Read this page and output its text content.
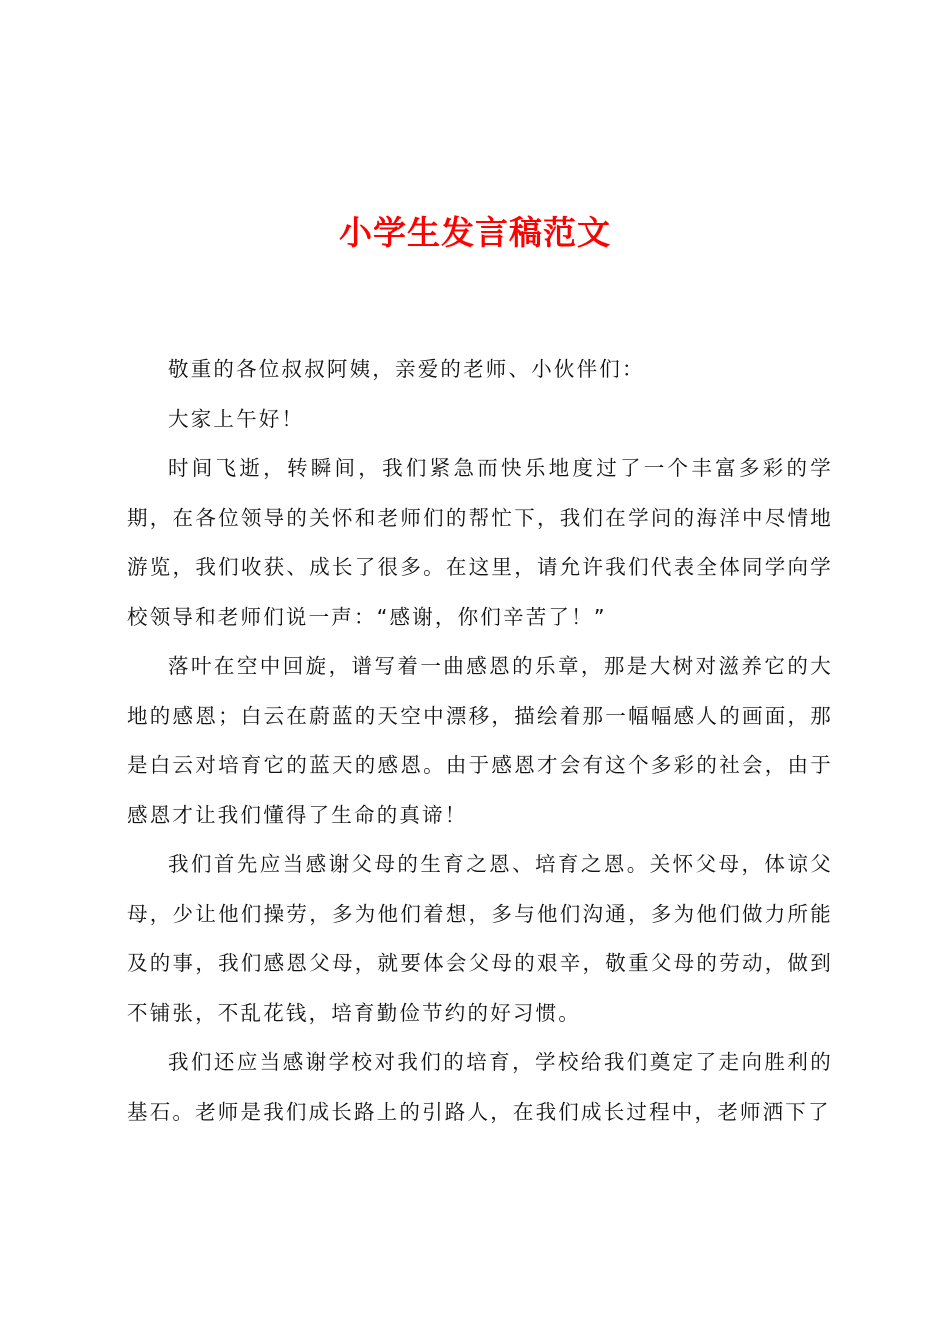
小学生发言稿范文

敬重的各位叔叔阿姨，亲爱的老师、小伙伴们：

大家上午好！

时间飞逝，转瞬间，我们紧急而快乐地度过了一个丰富多彩的学期，在各位领导的关怀和老师们的帮忙下，我们在学问的海洋中尽情地游览，我们收获、成长了很多。在这里，请允许我们代表全体同学向学校领导和老师们说一声：“感谢，你们辛苦了！”

落叶在空中回旋，谱写着一曲感恩的乐章，那是大树对滋养它的大地的感恩；白云在蔚蓝的天空中漂移，描绘着那一幅幅感人的画面，那是白云对培育它的蓝天的感恩。由于感恩才会有这个多彩的社会，由于感恩才让我们懂得了生命的真谛！

我们首先应当感谢父母的生育之恩、培育之恩。关怀父母，体谅父母，少让他们操劳，多为他们着想，多与他们沟通，多为他们做力所能及的事，我们感恩父母，就要体会父母的艰辛，敬重父母的劳动，做到不铺张，不乱花钱，培育勤俭节约的好习惯。

我们还应当感谢学校对我们的培育，学校给我们奠定了走向胜利的基石。老师是我们成长路上的引路人，在我们成长过程中，老师洒下了
